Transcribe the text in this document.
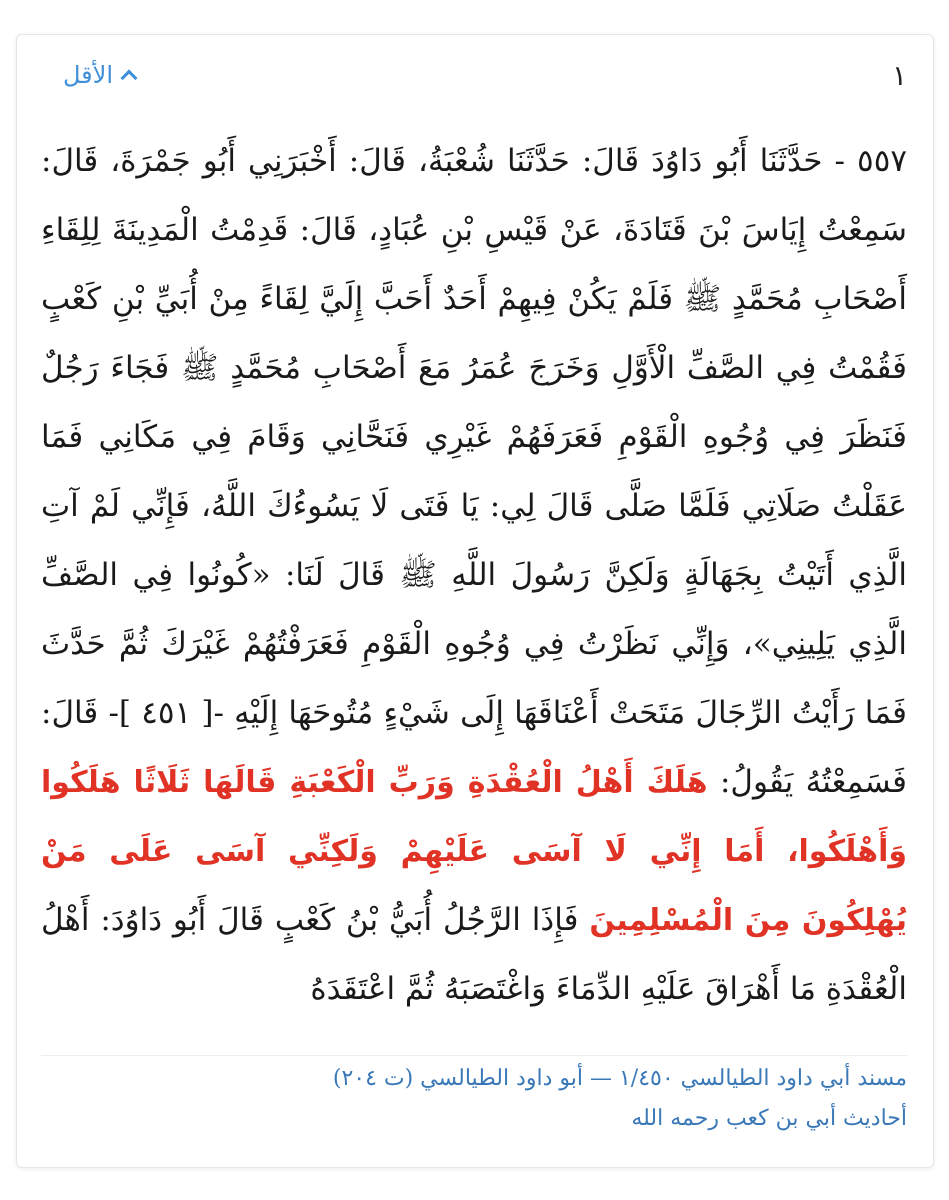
١
الأقل
٥٥٧ - حَدَّثَنَا أَبُو دَاوُدَ قَالَ: حَدَّثَنَا شُعْبَةُ، قَالَ: أَخْبَرَنِي أَبُو جَمْرَةَ، قَالَ: سَمِعْتُ إِيَاسَ بْنَ قَتَادَةَ، عَنْ قَيْسِ بْنِ عُبَادٍ، قَالَ: قَدِمْتُ الْمَدِينَةَ لِلِقَاءِ أَصْحَابِ مُحَمَّدٍ ﷺ فَلَمْ يَكُنْ فِيهِمْ أَحَدٌ أَحَبَّ إِلَيَّ لِقَاءً مِنْ أُبَيِّ بْنِ كَعْبٍ فَقُمْتُ فِي الصَّفِّ الْأَوَّلِ وَخَرَجَ عُمَرُ مَعَ أَصْحَابِ مُحَمَّدٍ ﷺ فَجَاءَ رَجُلٌ فَنَظَرَ فِي وُجُوهِ الْقَوْمِ فَعَرَفَهُمْ غَيْرِي فَنَحَّانِي وَقَامَ فِي مَكَانِي فَمَا عَقَلْتُ صَلَاتِي فَلَمَّا صَلَّى قَالَ لِي: يَا فَتَى لَا يَسُوءُكَ اللَّهُ، فَإِنِّي لَمْ آتِ الَّذِي أَتَيْتُ بِجَهَالَةٍ وَلَكِنَّ رَسُولَ اللَّهِ ﷺ قَالَ لَنَا: «كُونُوا فِي الصَّفِّ الَّذِي يَلِينِي»، وَإِنِّي نَظَرْتُ فِي وُجُوهِ الْقَوْمِ فَعَرَفْتُهُمْ غَيْرَكَ ثُمَّ حَدَّثَ فَمَا رَأَيْتُ الرِّجَالَ مَتَحَتْ أَعْنَاقَهَا إِلَى شَيْءٍ مُتُوحَهَا إِلَيْهِ -[ ٤٥١ ]- قَالَ: فَسَمِعْتُهُ يَقُولُ: هَلَكَ أَهْلُ الْعُقْدَةِ وَرَبِّ الْكَعْبَةِ قَالَهَا ثَلَاثًا هَلَكُوا وَأَهْلَكُوا، أَمَا إِنِّي لَا آسَى عَلَيْهِمْ وَلَكِنِّي آسَى عَلَى مَنْ يُهْلِكُونَ مِنَ الْمُسْلِمِينَ فَإِذَا الرَّجُلُ أُبَيُّ بْنُ كَعْبٍ قَالَ أَبُو دَاوُدَ: أَهْلُ الْعُقْدَةِ مَا أَهْرَاقَ عَلَيْهِ الدِّمَاءَ وَاغْتَصَبَهُ ثُمَّ اعْتَقَدَهُ
مسند أبي داود الطيالسي ١/٤٥٠ — أبو داود الطيالسي (ت ٢٠٤)
أحاديث أبي بن كعب رحمه الله
